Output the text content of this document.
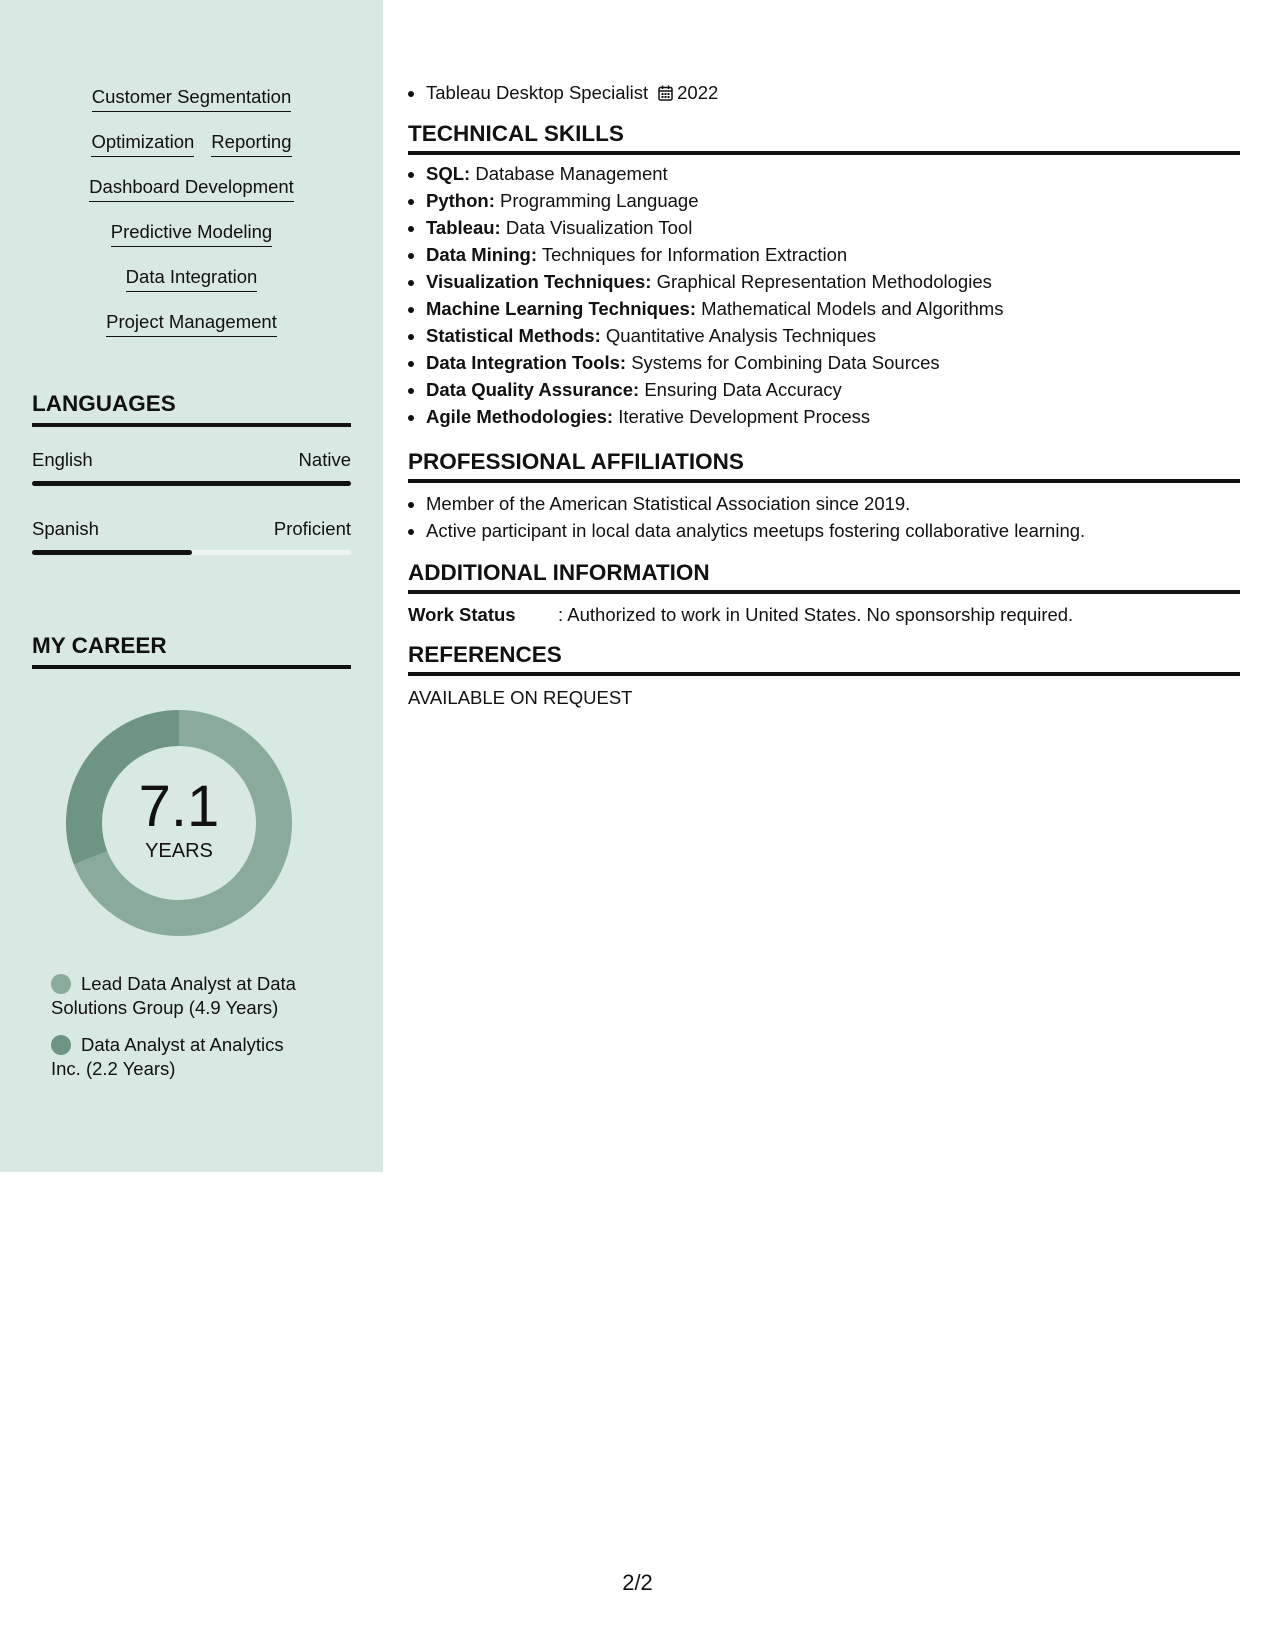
Customer Segmentation
Optimization Reporting
Dashboard Development
Predictive Modeling
Data Integration
Project Management
LANGUAGES
English	Native
Spanish	Proficient
MY CAREER
7.1
YEARS
Lead Data Analyst at Data Solutions Group (4.9 Years)
Data Analyst at Analytics Inc. (2.2 Years)
• Tableau Desktop Specialist 2022
TECHNICAL SKILLS
• SQL: Database Management
• Python: Programming Language
• Tableau: Data Visualization Tool
• Data Mining: Techniques for Information Extraction
• Visualization Techniques: Graphical Representation Methodologies
• Machine Learning Techniques: Mathematical Models and Algorithms
• Statistical Methods: Quantitative Analysis Techniques
• Data Integration Tools: Systems for Combining Data Sources
• Data Quality Assurance: Ensuring Data Accuracy
• Agile Methodologies: Iterative Development Process
PROFESSIONAL AFFILIATIONS
• Member of the American Statistical Association since 2019.
• Active participant in local data analytics meetups fostering collaborative learning.
ADDITIONAL INFORMATION
Work Status	: Authorized to work in United States. No sponsorship required.
REFERENCES
AVAILABLE ON REQUEST
2/2
